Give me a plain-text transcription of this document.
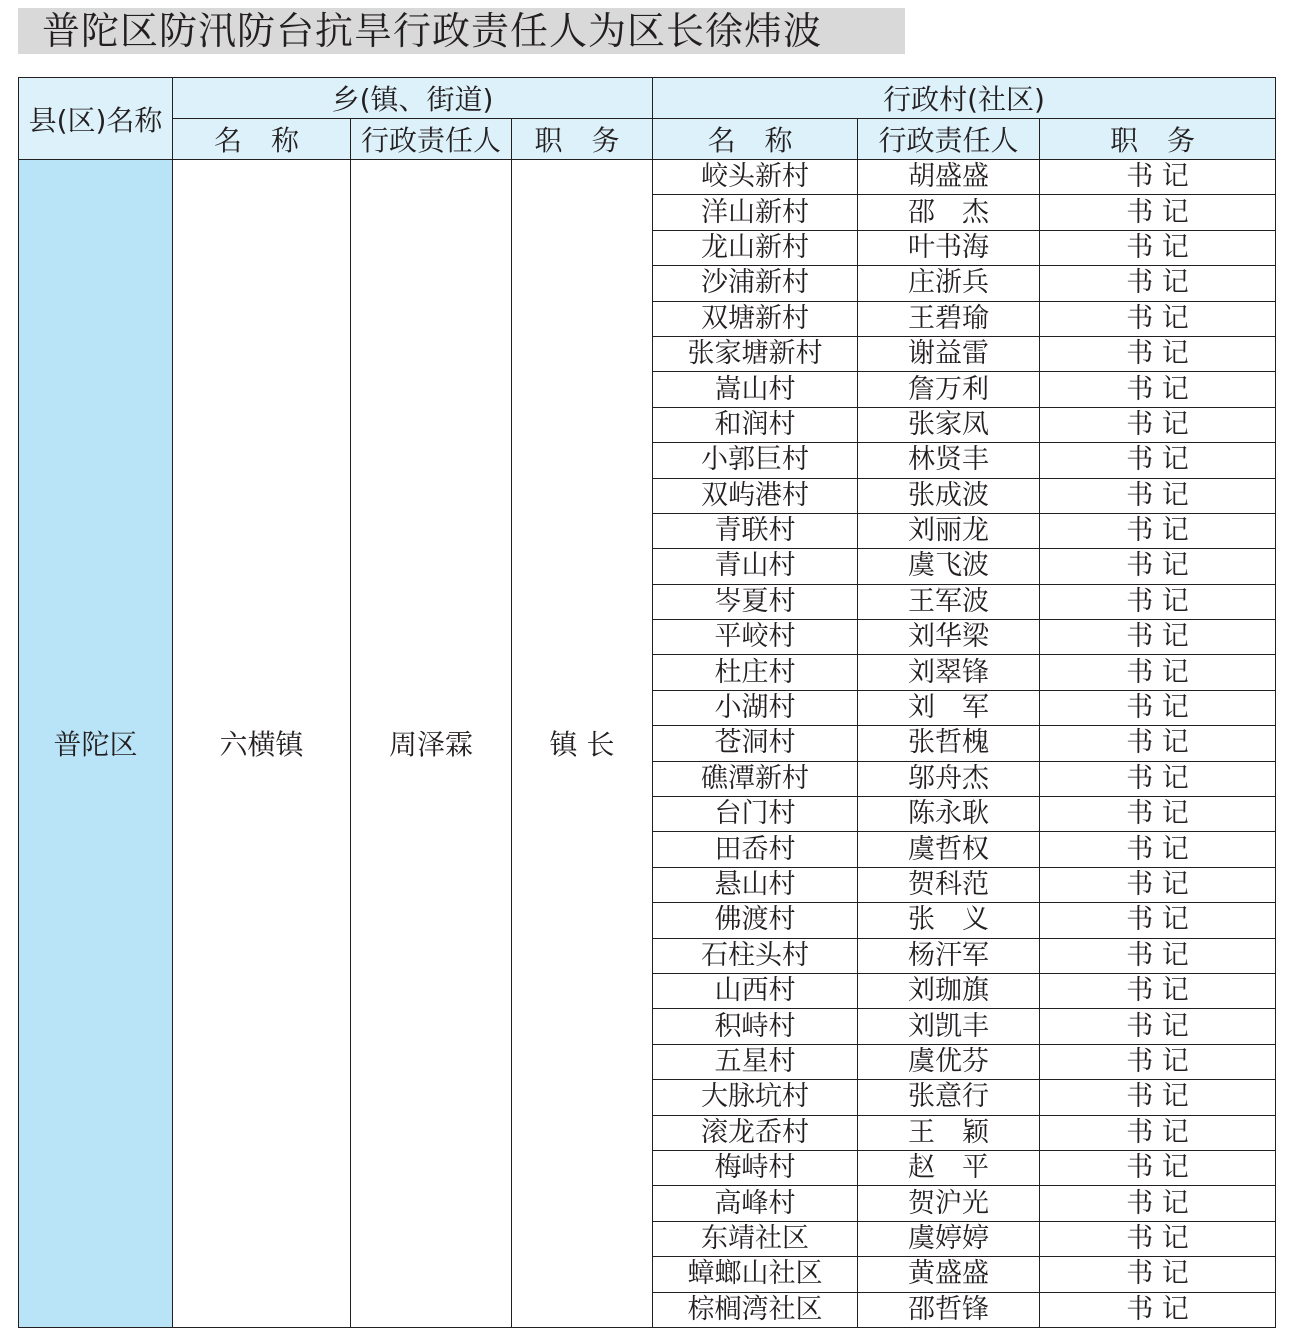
普陀区防汛防台抗旱行政责任人为区长徐炜波
县(区)名称	乡(镇、街道)			行政村(社区)		
	名 称	行政责任人	职 务	名 称	行政责任人	职 务
普陀区	六横镇	周泽霖	镇 长	峧头新村	胡盛盛	书 记
				洋山新村	邵　杰	书 记
				龙山新村	叶书海	书 记
				沙浦新村	庄浙兵	书 记
				双塘新村	王碧瑜	书 记
				张家塘新村	谢益雷	书 记
				嵩山村	詹万利	书 记
				和润村	张家凤	书 记
				小郭巨村	林贤丰	书 记
				双屿港村	张成波	书 记
				青联村	刘丽龙	书 记
				青山村	虞飞波	书 记
				岑夏村	王军波	书 记
				平峧村	刘华梁	书 记
				杜庄村	刘翠锋	书 记
				小湖村	刘　军	书 记
				苍洞村	张哲槐	书 记
				礁潭新村	邬舟杰	书 记
				台门村	陈永耿	书 记
				田岙村	虞哲权	书 记
				悬山村	贺科范	书 记
				佛渡村	张　义	书 记
				石柱头村	杨汗军	书 记
				山西村	刘珈旗	书 记
				积峙村	刘凯丰	书 记
				五星村	虞优芬	书 记
				大脉坑村	张意行	书 记
				滚龙岙村	王　颖	书 记
				梅峙村	赵　平	书 记
				高峰村	贺沪光	书 记
				东靖社区	虞婷婷	书 记
				蟑螂山社区	黄盛盛	书 记
				棕榈湾社区	邵哲锋	书 记
